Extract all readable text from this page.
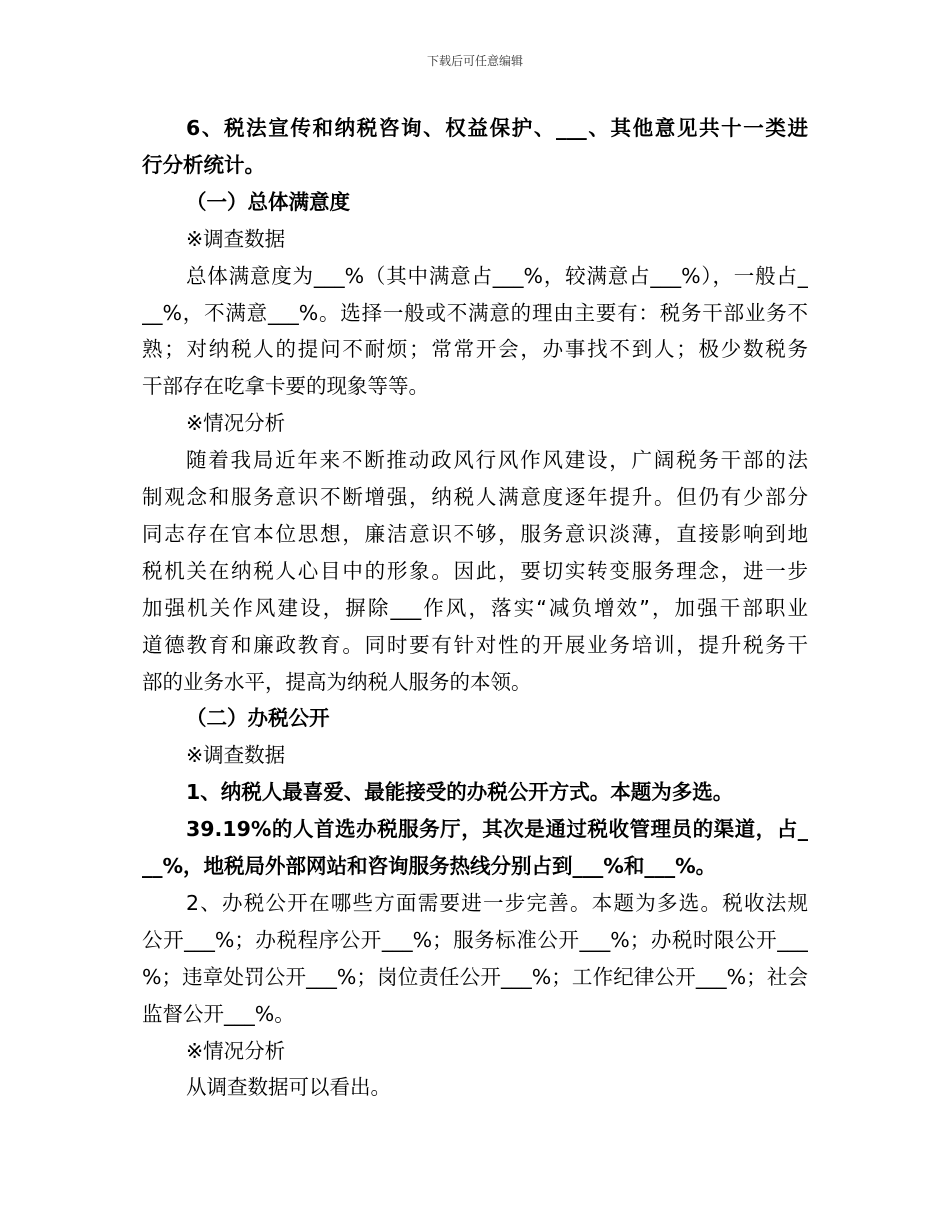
下载后可任意编辑
6、税法宣传和纳税咨询、权益保护、___、其他意见共十一类进
行分析统计。
（一）总体满意度
※调查数据
总体满意度为___%（其中满意占___%，较满意占___%），一般占_
__%，不满意___%。选择一般或不满意的理由主要有：税务干部业务不
熟；对纳税人的提问不耐烦；常常开会，办事找不到人；极少数税务
干部存在吃拿卡要的现象等等。
※情况分析
随着我局近年来不断推动政风行风作风建设，广阔税务干部的法
制观念和服务意识不断增强，纳税人满意度逐年提升。但仍有少部分
同志存在官本位思想，廉洁意识不够，服务意识淡薄，直接影响到地
税机关在纳税人心目中的形象。因此，要切实转变服务理念，进一步
加强机关作风建设，摒除___作风，落实“减负增效”，加强干部职业
道德教育和廉政教育。同时要有针对性的开展业务培训，提升税务干
部的业务水平，提高为纳税人服务的本领。
（二）办税公开
※调查数据
1、纳税人最喜爱、最能接受的办税公开方式。本题为多选。
39.19%的人首选办税服务厅，其次是通过税收管理员的渠道，占_
__%，地税局外部网站和咨询服务热线分别占到___%和___%。
2、办税公开在哪些方面需要进一步完善。本题为多选。税收法规
公开___%；办税程序公开___%；服务标准公开___%；办税时限公开___
%；违章处罚公开___%；岗位责任公开___%；工作纪律公开___%；社会
监督公开___%。
※情况分析
从调查数据可以看出。
